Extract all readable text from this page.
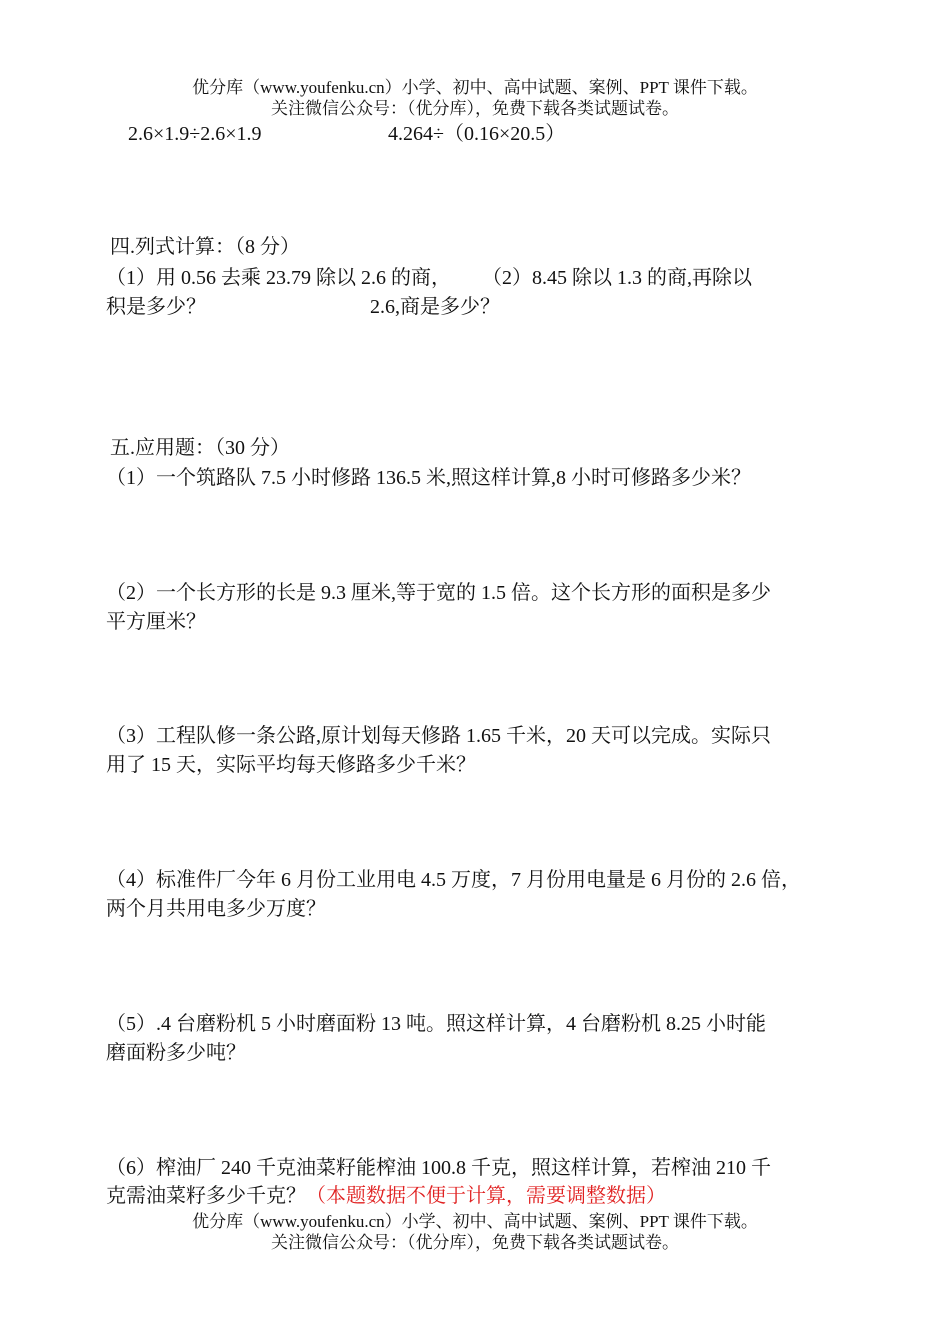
优分库（www.youfenku.cn）小学、初中、高中试题、案例、PPT 课件下载。
关注微信公众号：（优分库），免费下载各类试题试卷。
2.6×1.9÷2.6×1.9	4.264÷（0.16×20.5）
四.列式计算：（8 分）
（1）用 0.56 去乘 23.79 除以 2.6 的商，
积是多少？
（2）8.45 除以 1.3 的商,再除以
2.6,商是多少？
五.应用题：（30 分）
（1）一个筑路队 7.5 小时修路 136.5 米,照这样计算,8 小时可修路多少米？
（2）一个长方形的长是 9.3 厘米,等于宽的 1.5 倍。这个长方形的面积是多少
平方厘米？
（3）工程队修一条公路,原计划每天修路 1.65 千米，20 天可以完成。实际只
用了 15 天，实际平均每天修路多少千米？
（4）标准件厂今年 6 月份工业用电 4.5 万度，7 月份用电量是 6 月份的 2.6 倍，
两个月共用电多少万度？
（5）.4 台磨粉机 5 小时磨面粉 13 吨。照这样计算，4 台磨粉机 8.25 小时能
磨面粉多少吨？
（6）榨油厂 240 千克油菜籽能榨油 100.8 千克，照这样计算，若榨油 210 千
克需油菜籽多少千克？（本题数据不便于计算，需要调整数据）
优分库（www.youfenku.cn）小学、初中、高中试题、案例、PPT 课件下载。
关注微信公众号：（优分库），免费下载各类试题试卷。
